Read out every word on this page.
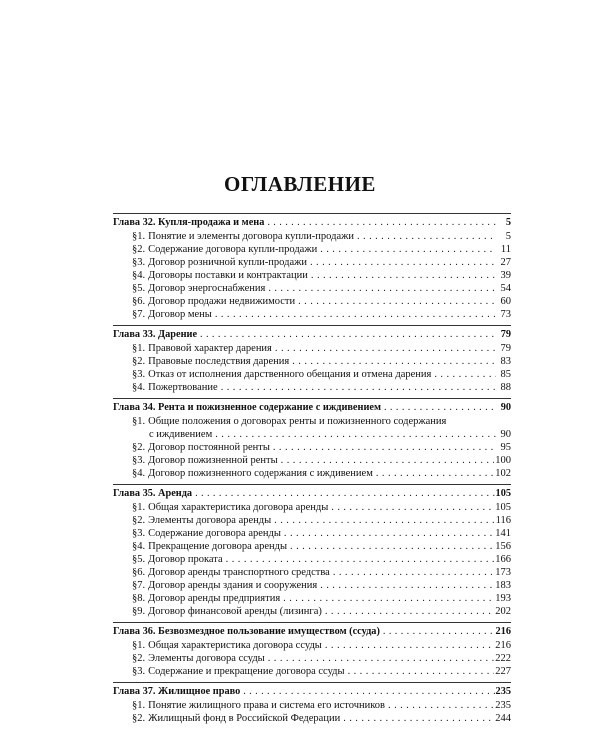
ОГЛАВЛЕНИЕ
Глава 32. Купля-продажа и мена . . .	5
§1. Понятие и элементы договора купли-продажи . . .	5
§2. Содержание договора купли-продажи . . .	11
§3. Договор розничной купли-продажи . . .	27
§4. Договоры поставки и контрактации . . .	39
§5. Договор энергоснабжения . . .	54
§6. Договор продажи недвижимости . . .	60
§7. Договор мены . . .	73
Глава 33. Дарение . . .	79
§1. Правовой характер дарения . . .	79
§2. Правовые последствия дарения . . .	83
§3. Отказ от исполнения дарственного обещания и отмена дарения . . .	85
§4. Пожертвование . . .	88
Глава 34. Рента и пожизненное содержание с иждивением . . .	90
§1. Общие положения о договорах ренты и пожизненного содержания
с иждивением . . .	90
§2. Договор постоянной ренты . . .	95
§3. Договор пожизненной ренты . . .	100
§4. Договор пожизненного содержания с иждивением . . .	102
Глава 35. Аренда . . .	105
§1. Общая характеристика договора аренды . . .	105
§2. Элементы договора аренды . . .	116
§3. Содержание договора аренды . . .	141
§4. Прекращение договора аренды . . .	156
§5. Договор проката . . .	166
§6. Договор аренды транспортного средства . . .	173
§7. Договор аренды здания и сооружения . . .	183
§8. Договор аренды предприятия . . .	193
§9. Договор финансовой аренды (лизинга) . . .	202
Глава 36. Безвозмездное пользование имуществом (ссуда) . . .	216
§1. Общая характеристика договора ссуды . . .	216
§2. Элементы договора ссуды . . .	222
§3. Содержание и прекращение договора ссуды . . .	227
Глава 37. Жилищное право . . .	235
§1. Понятие жилищного права и система его источников . . .	235
§2. Жилищный фонд в Российской Федерации . . .	244
